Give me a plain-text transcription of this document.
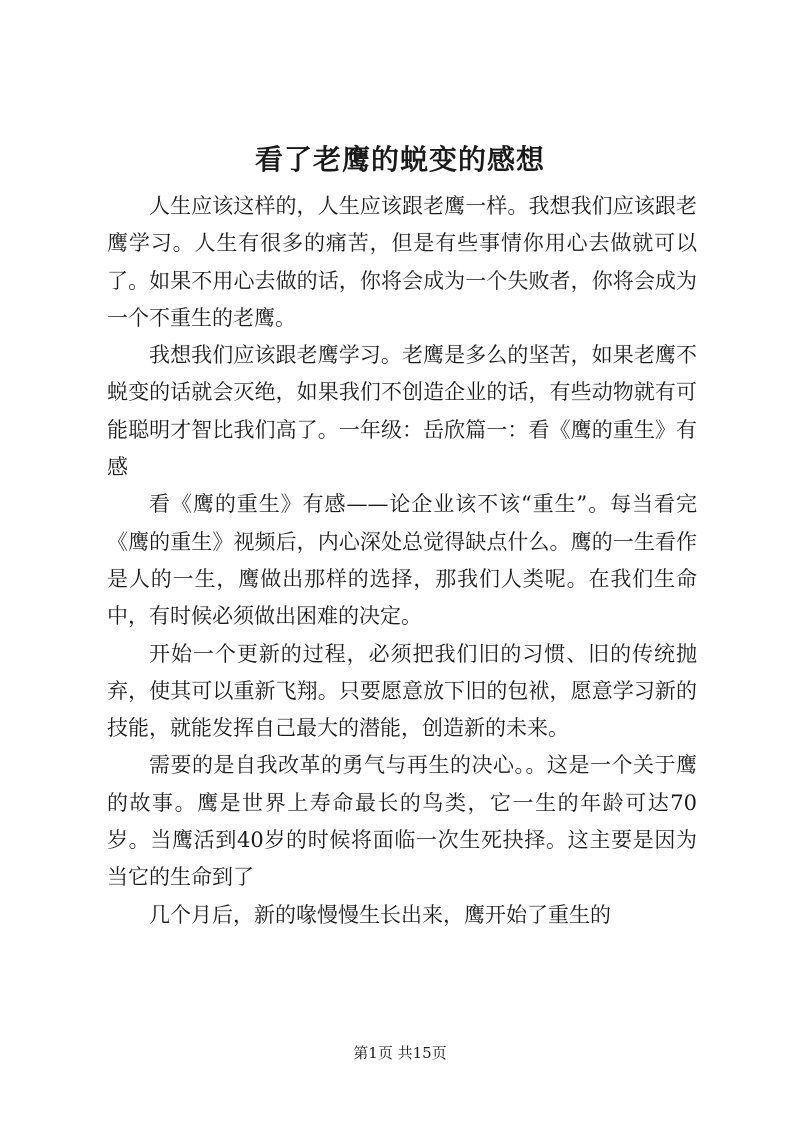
看了老鹰的蜕变的感想

人生应该这样的，人生应该跟老鹰一样。我想我们应该跟老鹰学习。人生有很多的痛苦，但是有些事情你用心去做就可以了。如果不用心去做的话，你将会成为一个失败者，你将会成为一个不重生的老鹰。

我想我们应该跟老鹰学习。老鹰是多么的坚苦，如果老鹰不蜕变的话就会灭绝，如果我们不创造企业的话，有些动物就有可能聪明才智比我们高了。一年级：岳欣篇一：看《鹰的重生》有感

看《鹰的重生》有感——论企业该不该“重生”。每当看完《鹰的重生》视频后，内心深处总觉得缺点什么。鹰的一生看作是人的一生，鹰做出那样的选择，那我们人类呢。在我们生命中，有时候必须做出困难的决定。

开始一个更新的过程，必须把我们旧的习惯、旧的传统抛弃，使其可以重新飞翔。只要愿意放下旧的包袱，愿意学习新的技能，就能发挥自己最大的潜能，创造新的未来。

需要的是自我改革的勇气与再生的决心。。这是一个关于鹰的故事。鹰是世界上寿命最长的鸟类，它一生的年龄可达70岁。当鹰活到40岁的时候将面临一次生死抉择。这主要是因为当它的生命到了

几个月后，新的喙慢慢生长出来，鹰开始了重生的

第1页 共15页
